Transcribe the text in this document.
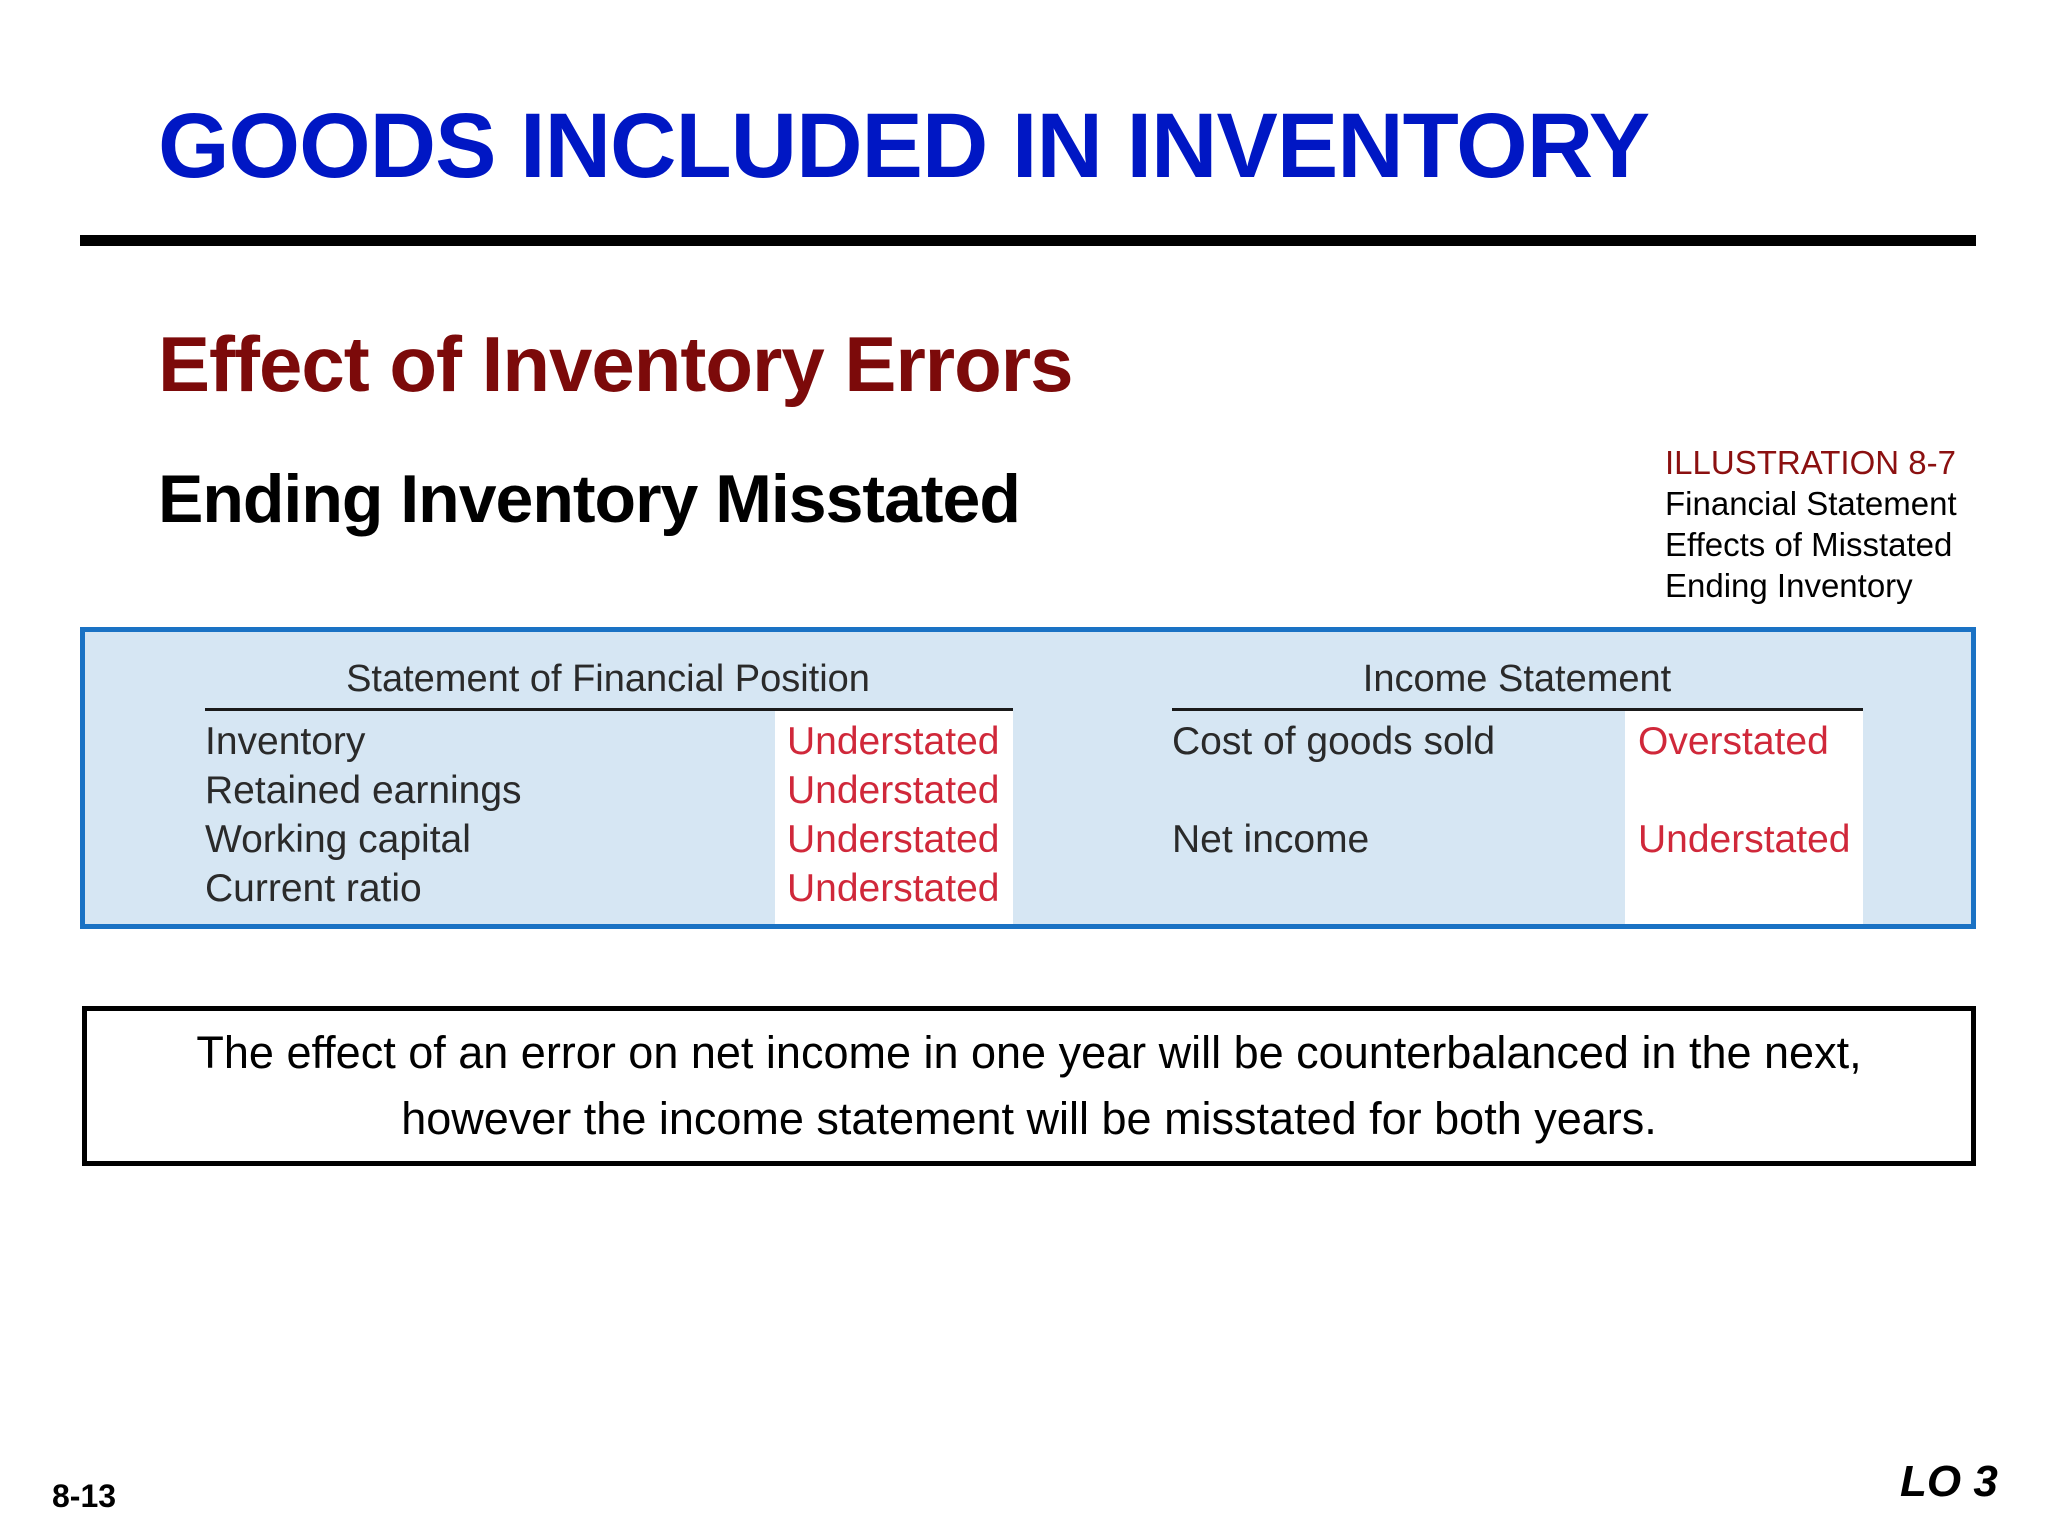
GOODS INCLUDED IN INVENTORY
Effect of Inventory Errors
Ending Inventory Misstated	ILLUSTRATION 8-7
Financial Statement
Effects of Misstated
Ending Inventory
Statement of Financial Position	Income Statement
Inventory	Understated
Retained earnings	Understated
Working capital	Understated
Current ratio	Understated
Cost of goods sold	Overstated
Net income	Understated
The effect of an error on net income in one year will be counterbalanced in the next,
however the income statement will be misstated for both years.
8-13	LO 3
